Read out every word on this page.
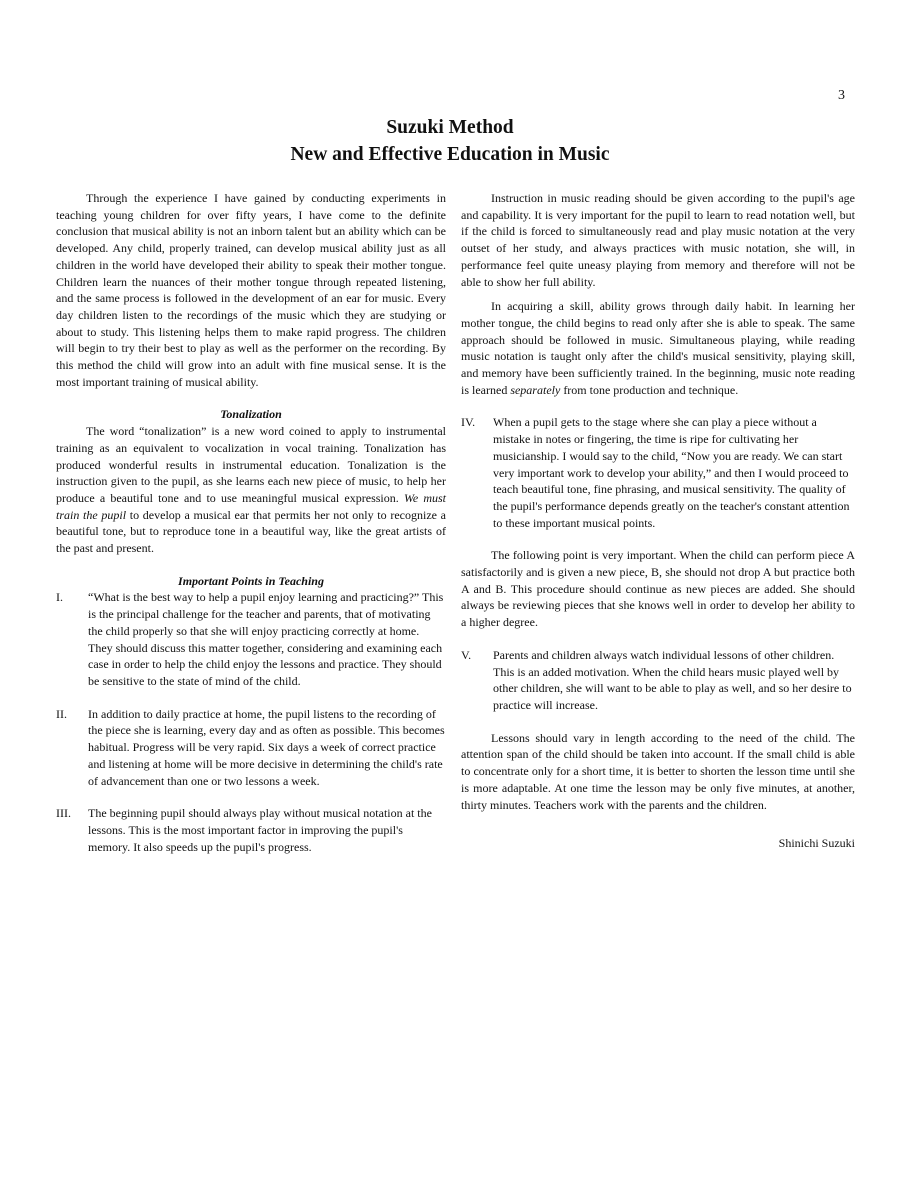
3
Suzuki Method
New and Effective Education in Music

Through the experience I have gained by conducting experiments in teaching young children for over fifty years, I have come to the definite conclusion that musical ability is not an inborn talent but an ability which can be developed. Any child, properly trained, can develop musical ability just as all children in the world have developed their ability to speak their mother tongue. Children learn the nuances of their mother tongue through repeated listening, and the same process is followed in the development of an ear for music. Every day children listen to the recordings of the music which they are studying or about to study. This listening helps them to make rapid progress. The children will begin to try their best to play as well as the performer on the recording. By this method the child will grow into an adult with fine musical sense. It is the most important training of musical ability.

Tonalization

The word “tonalization” is a new word coined to apply to instrumental training as an equivalent to vocalization in vocal training. Tonalization has produced wonderful results in instrumental education. Tonalization is the instruction given to the pupil, as she learns each new piece of music, to help her produce a beautiful tone and to use meaningful musical expression. We must train the pupil to develop a musical ear that permits her not only to recognize a beautiful tone, but to reproduce tone in a beautiful way, like the great artists of the past and present.

Important Points in Teaching

I.	“What is the best way to help a pupil enjoy learning and practicing?” This is the principal challenge for the teacher and parents, that of motivating the child properly so that she will enjoy practicing correctly at home. They should discuss this matter together, considering and examining each case in order to help the child enjoy the lessons and practice. They should be sensitive to the state of mind of the child.
II.	In addition to daily practice at home, the pupil listens to the recording of the piece she is learning, every day and as often as possible. This becomes habitual. Progress will be very rapid. Six days a week of correct practice and listening at home will be more decisive in determining the child's rate of advancement than one or two lessons a week.
III.	The beginning pupil should always play without musical notation at the lessons. This is the most important factor in improving the pupil's memory. It also speeds up the pupil's progress.

Instruction in music reading should be given according to the pupil's age and capability. It is very important for the pupil to learn to read notation well, but if the child is forced to simultaneously read and play music notation at the very outset of her study, and always practices with music notation, she will, in performance feel quite uneasy playing from memory and therefore will not be able to show her full ability.

In acquiring a skill, ability grows through daily habit. In learning her mother tongue, the child begins to read only after she is able to speak. The same approach should be followed in music. Simultaneous playing, while reading music notation is taught only after the child's musical sensitivity, playing skill, and memory have been sufficiently trained. In the beginning, music note reading is learned separately from tone production and technique.

IV.	When a pupil gets to the stage where she can play a piece without a mistake in notes or fingering, the time is ripe for cultivating her musicianship. I would say to the child, “Now you are ready. We can start very important work to develop your ability,” and then I would proceed to teach beautiful tone, fine phrasing, and musical sensitivity. The quality of the pupil's performance depends greatly on the teacher's constant attention to these important musical points.

The following point is very important. When the child can perform piece A satisfactorily and is given a new piece, B, she should not drop A but practice both A and B. This procedure should continue as new pieces are added. She should always be reviewing pieces that she knows well in order to develop her ability to a higher degree.

V.	Parents and children always watch individual lessons of other children. This is an added motivation. When the child hears music played well by other children, she will want to be able to play as well, and so her desire to practice will increase.

Lessons should vary in length according to the need of the child. The attention span of the child should be taken into account. If the small child is able to concentrate only for a short time, it is better to shorten the lesson time until she is more adaptable. At one time the lesson may be only five minutes, at another, thirty minutes. Teachers work with the parents and the children.

Shinichi Suzuki
